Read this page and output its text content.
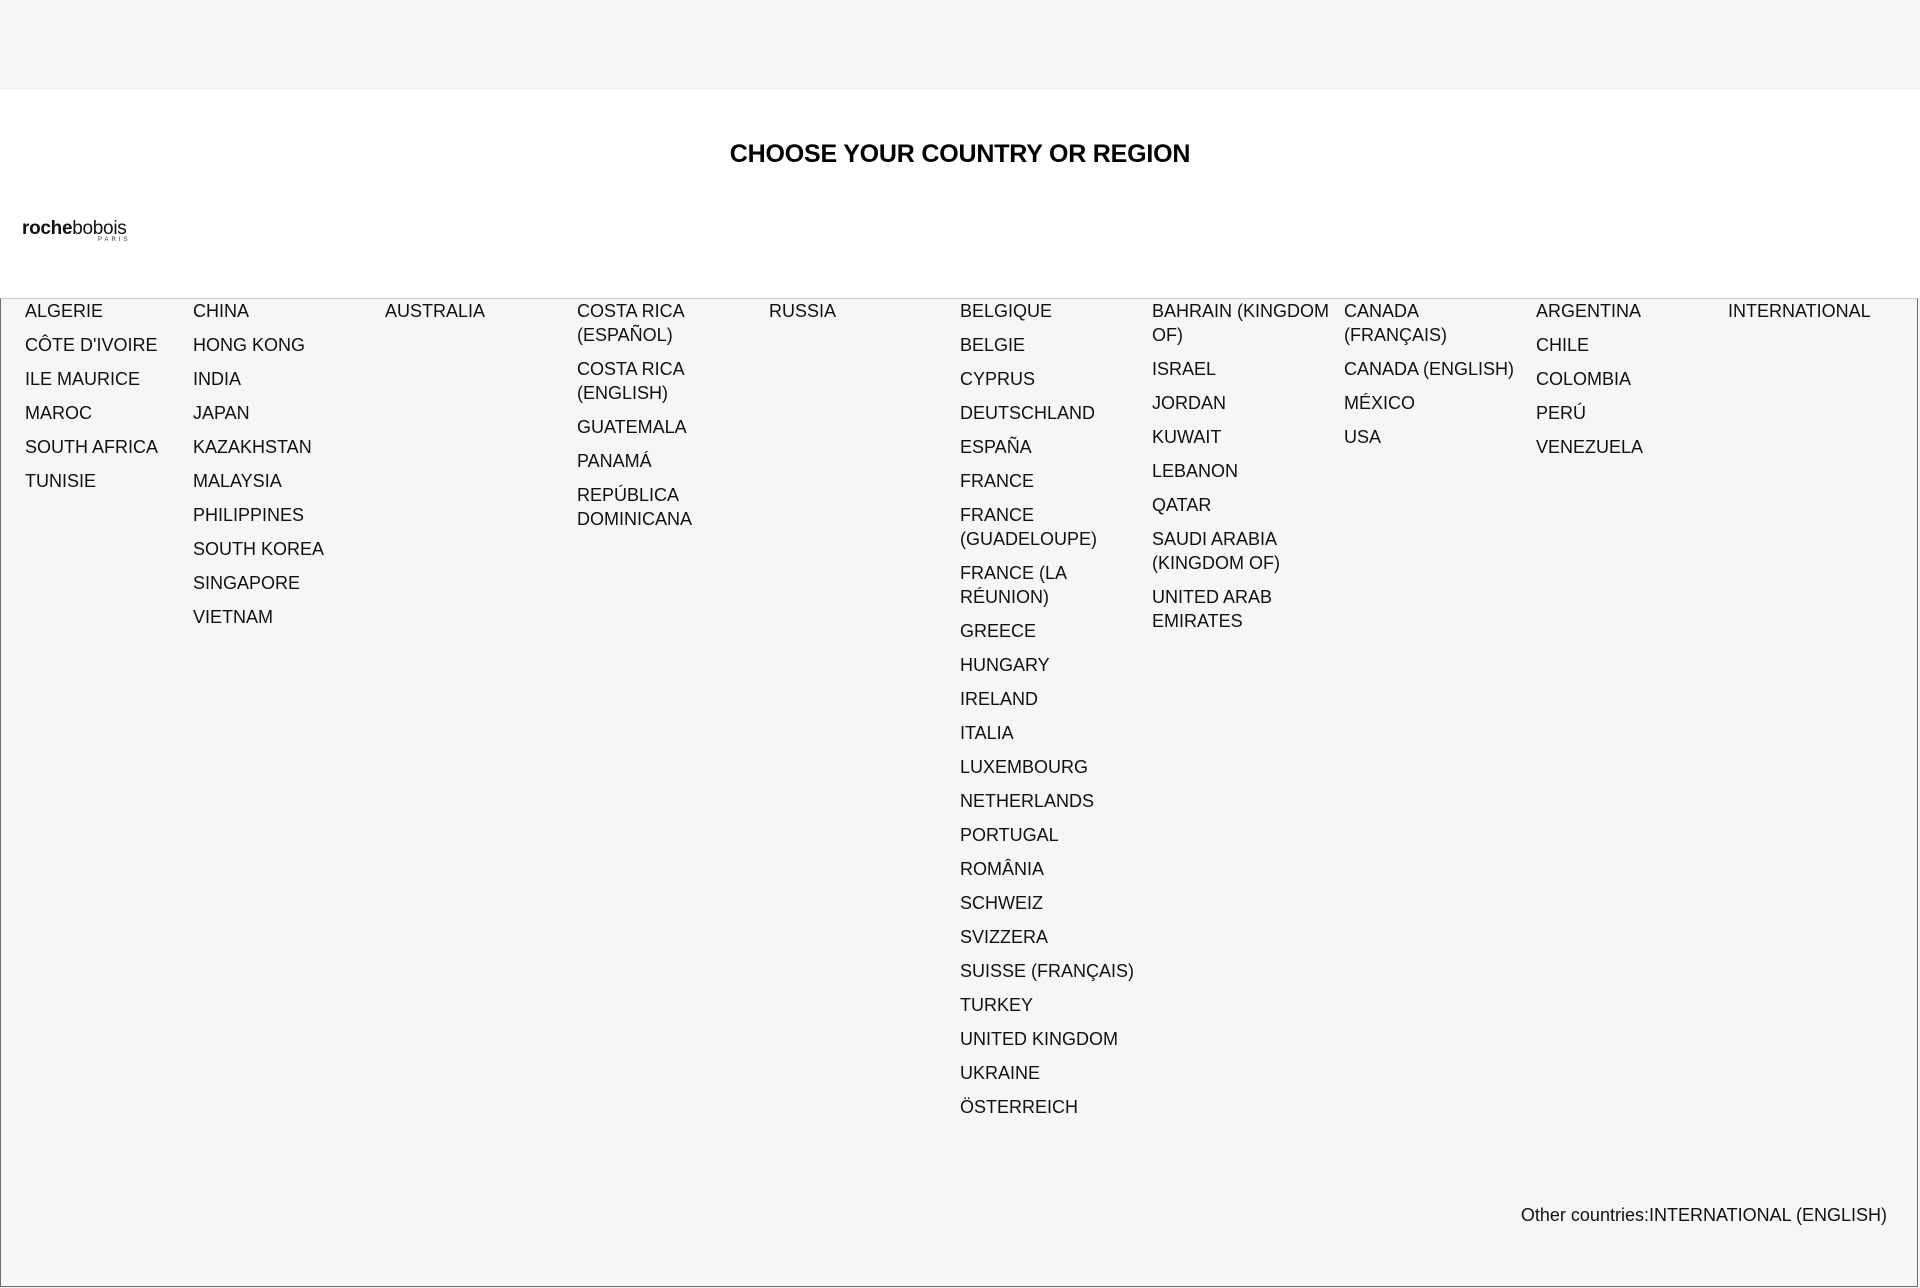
CHOOSE YOUR COUNTRY OR REGION
rochebobois
PARIS
ALGERIE
CÔTE D'IVOIRE
ILE MAURICE
MAROC
SOUTH AFRICA
TUNISIE
CHINA
HONG KONG
INDIA
JAPAN
KAZAKHSTAN
MALAYSIA
PHILIPPINES
SOUTH KOREA
SINGAPORE
VIETNAM
AUSTRALIA	COSTA RICA (ESPAÑOL)
COSTA RICA (ENGLISH)
GUATEMALA
PANAMÁ
REPÚBLICA DOMINICANA
RUSSIA	BELGIQUE
BELGIE
CYPRUS
DEUTSCHLAND
ESPAÑA
FRANCE
FRANCE (GUADELOUPE)
FRANCE (LA RÉUNION)
GREECE
HUNGARY
IRELAND
ITALIA
LUXEMBOURG
NETHERLANDS
PORTUGAL
ROMÂNIA
SCHWEIZ
SVIZZERA
SUISSE (FRANÇAIS)
TURKEY
UNITED KINGDOM
UKRAINE
ÖSTERREICH
BAHRAIN (KINGDOM OF)
ISRAEL
JORDAN
KUWAIT
LEBANON
QATAR
SAUDI ARABIA (KINGDOM OF)
UNITED ARAB EMIRATES
CANADA (FRANÇAIS)
CANADA (ENGLISH)
MÉXICO
USA
ARGENTINA
CHILE
COLOMBIA
PERÚ
VENEZUELA
INTERNATIONAL
Other countries:INTERNATIONAL (ENGLISH)
